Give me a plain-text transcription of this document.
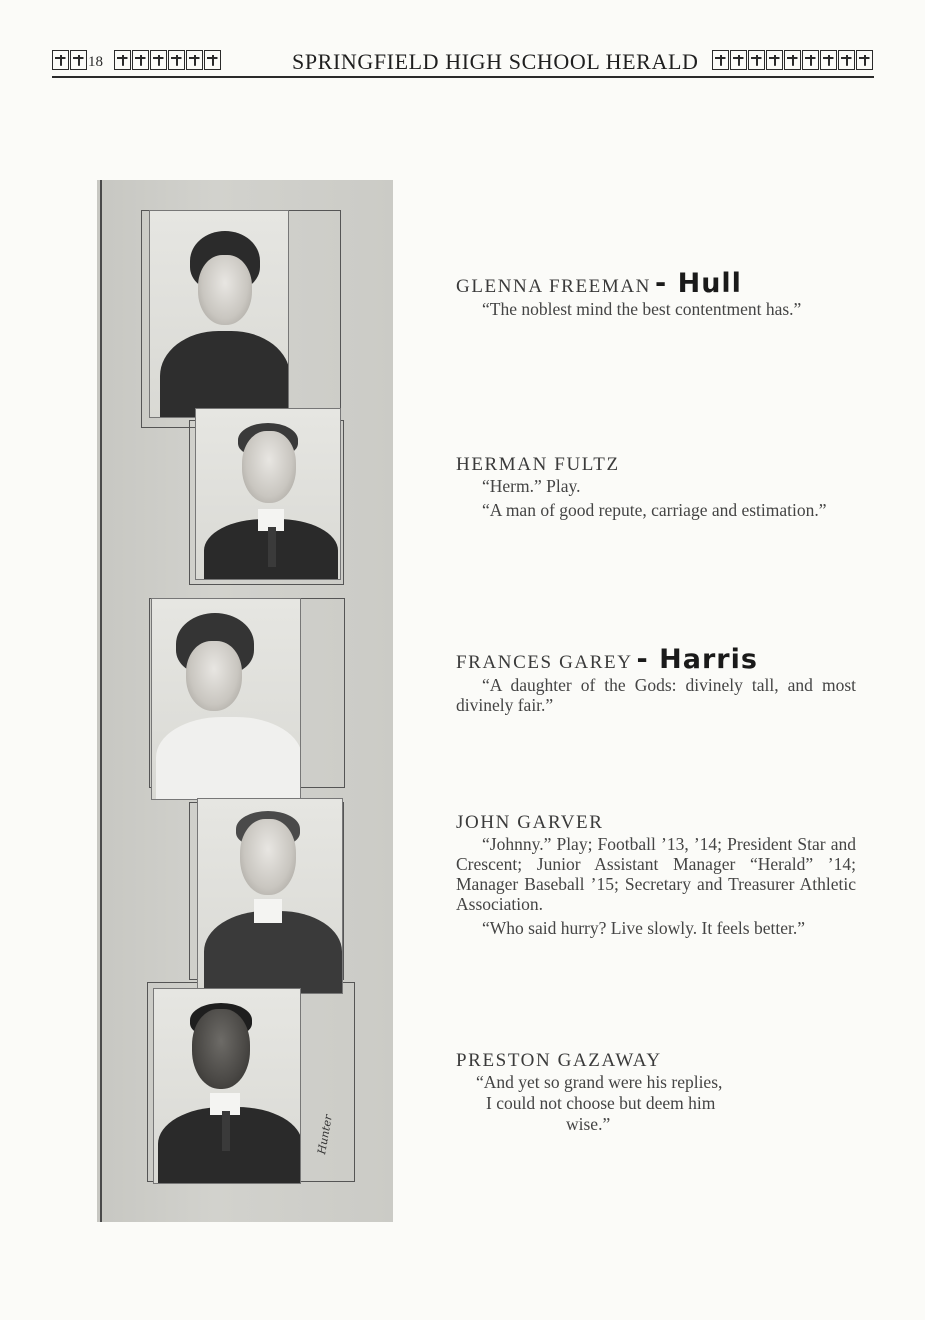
18	SPRINGFIELD HIGH SCHOOL HERALD
Hunter

GLENNA FREEMAN - Hull

“The noblest mind the best contentment has.”

HERMAN FULTZ

“Herm.” Play.

“A man of good repute, carriage and estimation.”

FRANCES GAREY - Harris

“A daughter of the Gods: divinely tall, and most divinely fair.”

JOHN GARVER

“Johnny.” Play; Football ’13, ’14; President Star and Crescent; Junior Assistant Manager “Herald” ’14; Manager Baseball ’15; Secretary and Treasurer Athletic Association.

“Who said hurry? Live slowly. It feels better.”

PRESTON GAZAWAY

“And yet so grand were his replies,
I could not choose but deem him
wise.”
